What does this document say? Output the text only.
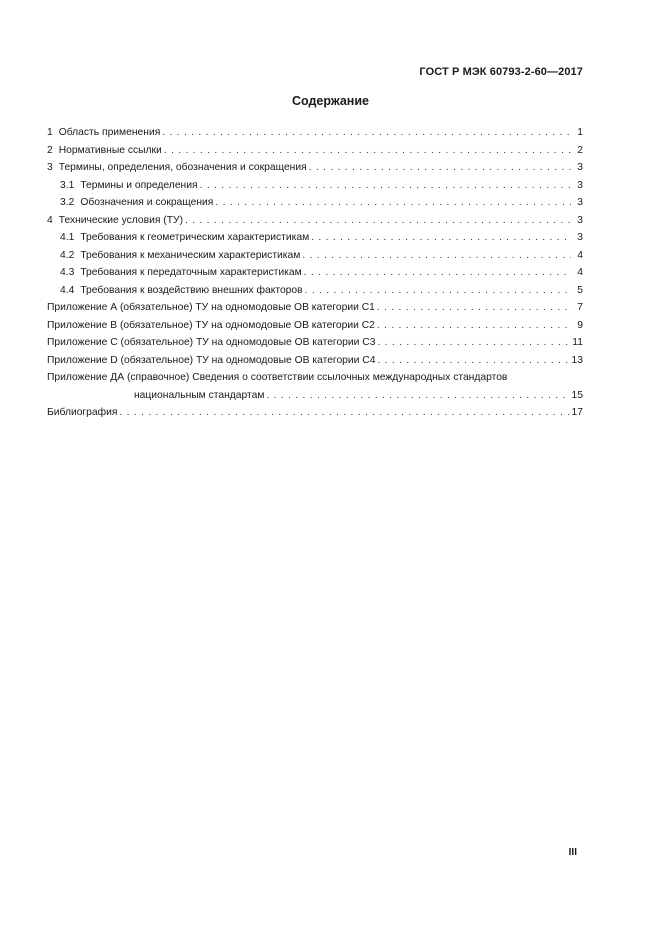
ГОСТ Р МЭК 60793-2-60—2017
Содержание
1 Область применения . . .	1
2 Нормативные ссылки . . .	2
3 Термины, определения, обозначения и сокращения . . .	3
3.1 Термины и определения . . .	3
3.2 Обозначения и сокращения . . .	3
4 Технические условия (ТУ) . . .	3
4.1 Требования к геометрическим характеристикам . . .	3
4.2 Требования к механическим характеристикам . . .	4
4.3 Требования к передаточным характеристикам . . .	4
4.4 Требования к воздействию внешних факторов . . .	5
Приложение А (обязательное) ТУ на одномодовые ОВ категории С1 . . .	7
Приложение В (обязательное) ТУ на одномодовые ОВ категории С2 . . .	9
Приложение С (обязательное) ТУ на одномодовые ОВ категории С3 . . .	11
Приложение D (обязательное) ТУ на одномодовые ОВ категории С4 . . .	13
Приложение ДА (справочное) Сведения о соответствии ссылочных международных стандартов
национальным стандартам . . .	15
Библиография . . .	17
III
